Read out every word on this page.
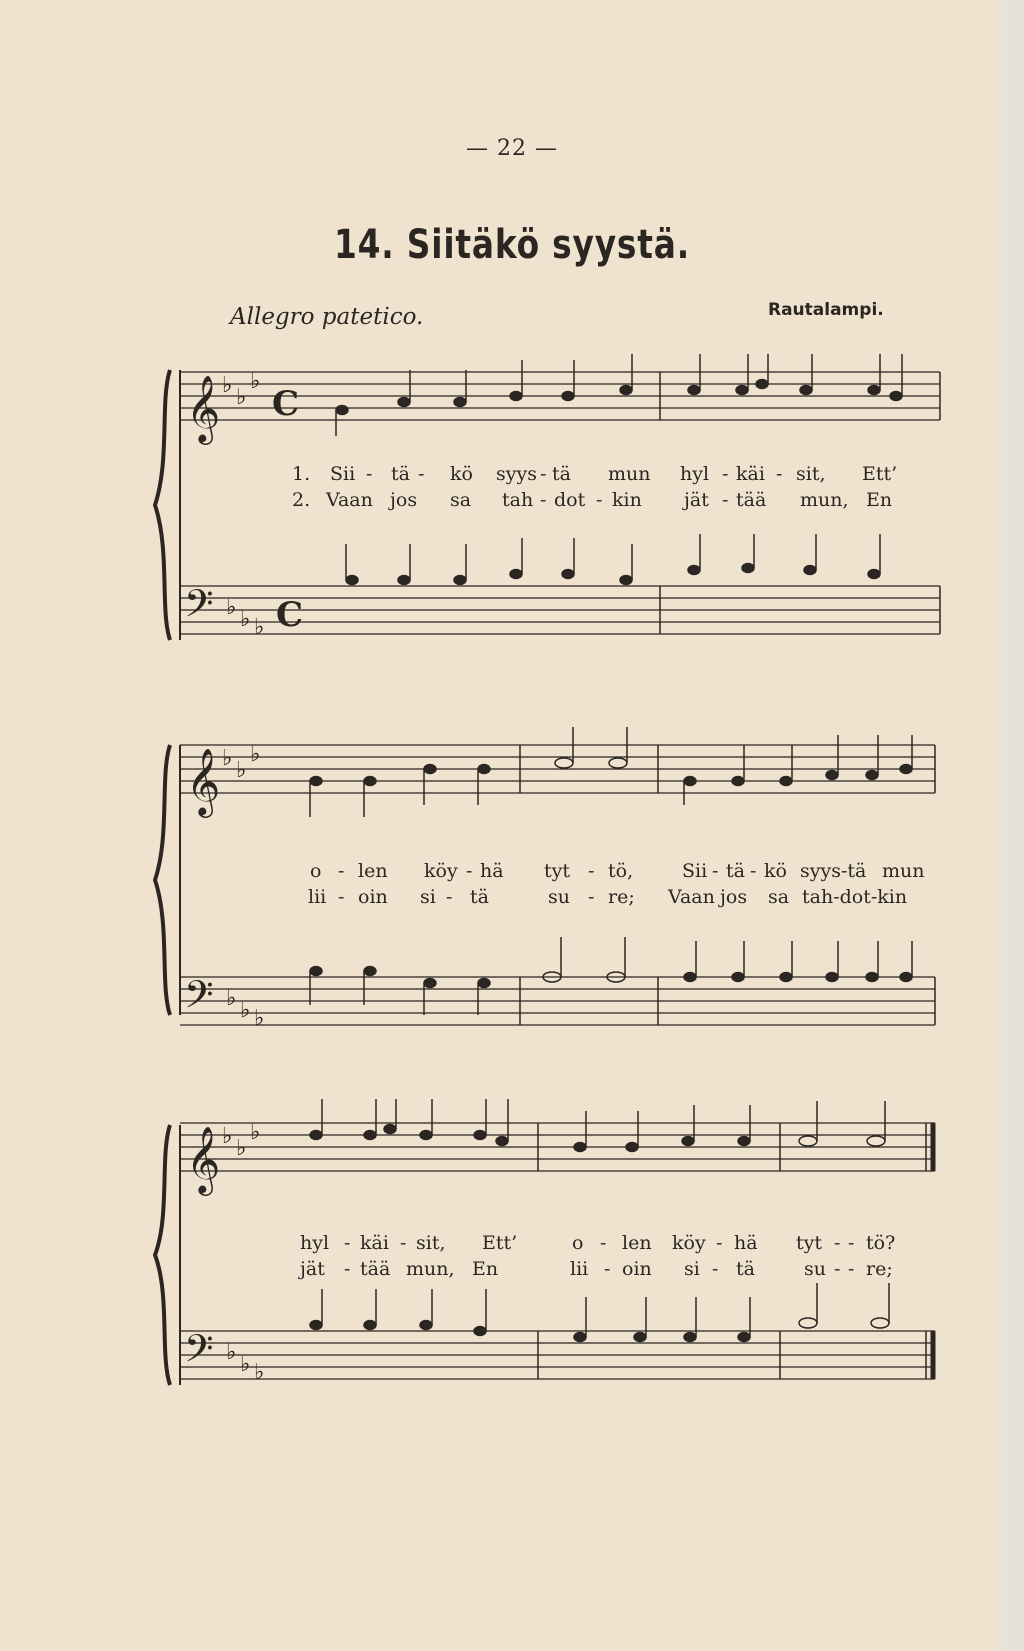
— 22 —
14. Siitäkö syystä.
Allegro patetico.	Rautalampi.
𝄞 ♭ ♭
♭
C
𝄢 ♭ ♭ ♭ C
1. Sii - tä - kö syys - tä mun hyl - käi - sit, Ett’
2. Vaan jos sa tah - dot - kin jät - tää mun, En
𝄞 ♭ ♭
♭
𝄢 ♭ ♭ ♭
o - len köy - hä tyt - tö,	Sii - tä - kö syys-tä mun
lii - oin si - tä	su - re; Vaan jos sa tah-dot-kin
𝄞 ♭ ♭
♭
𝄢 ♭ ♭ ♭
hyl - käi - sit, Ett’	o - len köy - hä tyt - - tö?
jät - tää mun, En	lii - oin si - tä	su - - re;
